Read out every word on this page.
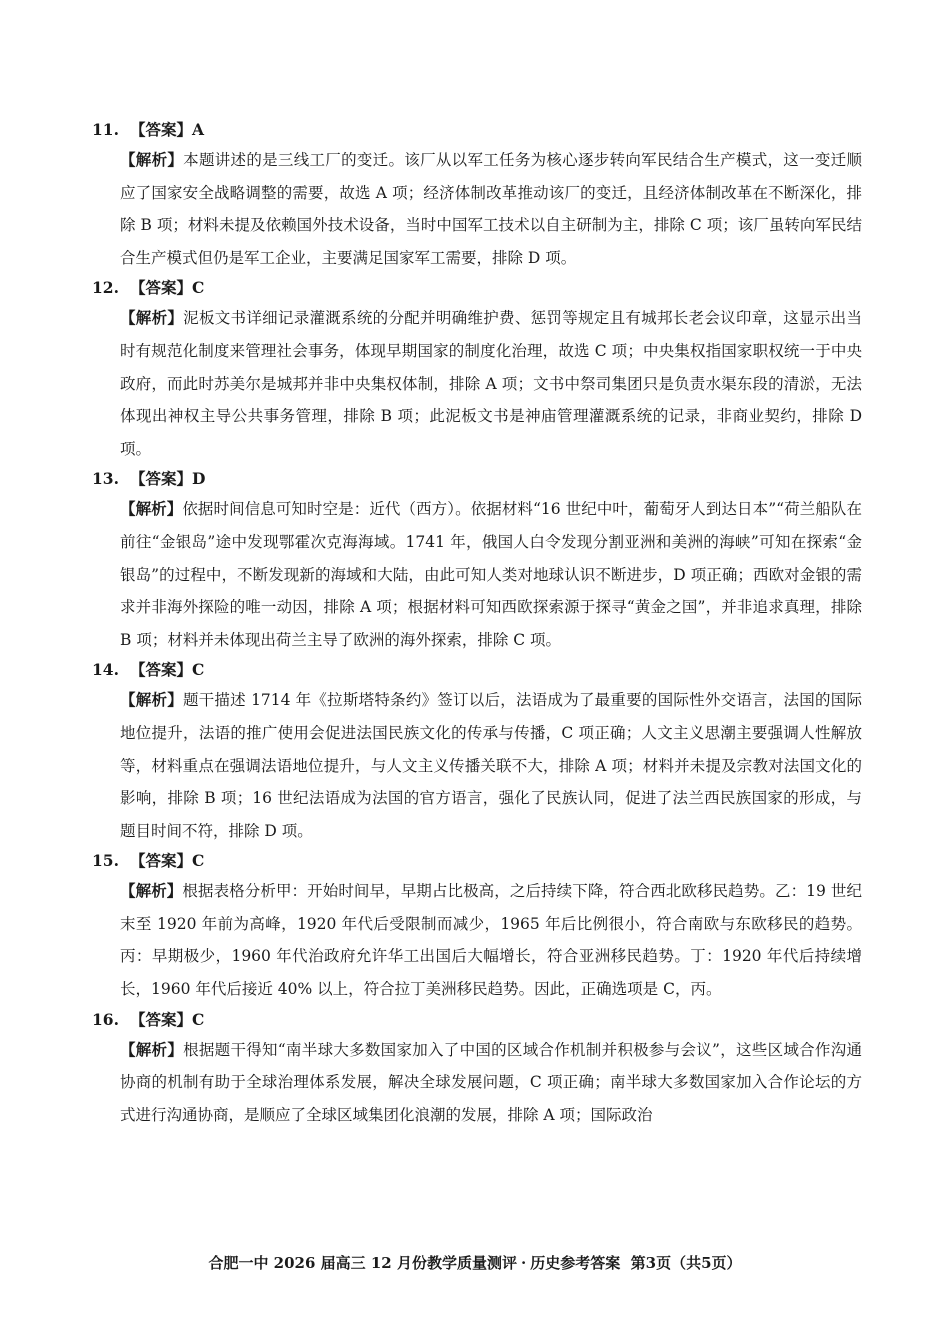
11. 【答案】A
【解析】本题讲述的是三线工厂的变迁。该厂从以军工任务为核心逐步转向军民结合生产模式，这一变迁顺应了国家安全战略调整的需要，故选 A 项；经济体制改革推动该厂的变迁，且经济体制改革在不断深化，排除 B 项；材料未提及依赖国外技术设备，当时中国军工技术以自主研制为主，排除 C 项；该厂虽转向军民结合生产模式但仍是军工企业，主要满足国家军工需要，排除 D 项。
12. 【答案】C
【解析】泥板文书详细记录灌溉系统的分配并明确维护费、惩罚等规定且有城邦长老会议印章，这显示出当时有规范化制度来管理社会事务，体现早期国家的制度化治理，故选 C 项；中央集权指国家职权统一于中央政府，而此时苏美尔是城邦并非中央集权体制，排除 A 项；文书中祭司集团只是负责水渠东段的清淤，无法体现出神权主导公共事务管理，排除 B 项；此泥板文书是神庙管理灌溉系统的记录，非商业契约，排除 D 项。
13. 【答案】D
【解析】依据时间信息可知时空是：近代（西方）。依据材料“16 世纪中叶，葡萄牙人到达日本”“荷兰船队在前往“金银岛”途中发现鄂霍次克海海域。1741 年，俄国人白令发现分割亚洲和美洲的海峡”可知在探索“金银岛”的过程中，不断发现新的海域和大陆，由此可知人类对地球认识不断进步，D 项正确；西欧对金银的需求并非海外探险的唯一动因，排除 A 项；根据材料可知西欧探索源于探寻“黄金之国”，并非追求真理，排除 B 项；材料并未体现出荷兰主导了欧洲的海外探索，排除 C 项。
14. 【答案】C
【解析】题干描述 1714 年《拉斯塔特条约》签订以后，法语成为了最重要的国际性外交语言，法国的国际地位提升，法语的推广使用会促进法国民族文化的传承与传播，C 项正确；人文主义思潮主要强调人性解放等，材料重点在强调法语地位提升，与人文主义传播关联不大，排除 A 项；材料并未提及宗教对法国文化的影响，排除 B 项；16 世纪法语成为法国的官方语言，强化了民族认同，促进了法兰西民族国家的形成，与题目时间不符，排除 D 项。
15. 【答案】C
【解析】根据表格分析甲：开始时间早，早期占比极高，之后持续下降，符合西北欧移民趋势。乙：19 世纪末至 1920 年前为高峰，1920 年代后受限制而减少，1965 年后比例很小，符合南欧与东欧移民的趋势。丙：早期极少，1960 年代治政府允许华工出国后大幅增长，符合亚洲移民趋势。丁：1920 年代后持续增长，1960 年代后接近 40% 以上，符合拉丁美洲移民趋势。因此，正确选项是 C，丙。
16. 【答案】C
【解析】根据题干得知“南半球大多数国家加入了中国的区域合作机制并积极参与会议”，这些区域合作沟通协商的机制有助于全球治理体系发展，解决全球发展问题，C 项正确；南半球大多数国家加入合作论坛的方式进行沟通协商，是顺应了全球区域集团化浪潮的发展，排除 A 项；国际政治
合肥一中 2026 届高三 12 月份教学质量测评 · 历史参考答案 第3页（共5页）
